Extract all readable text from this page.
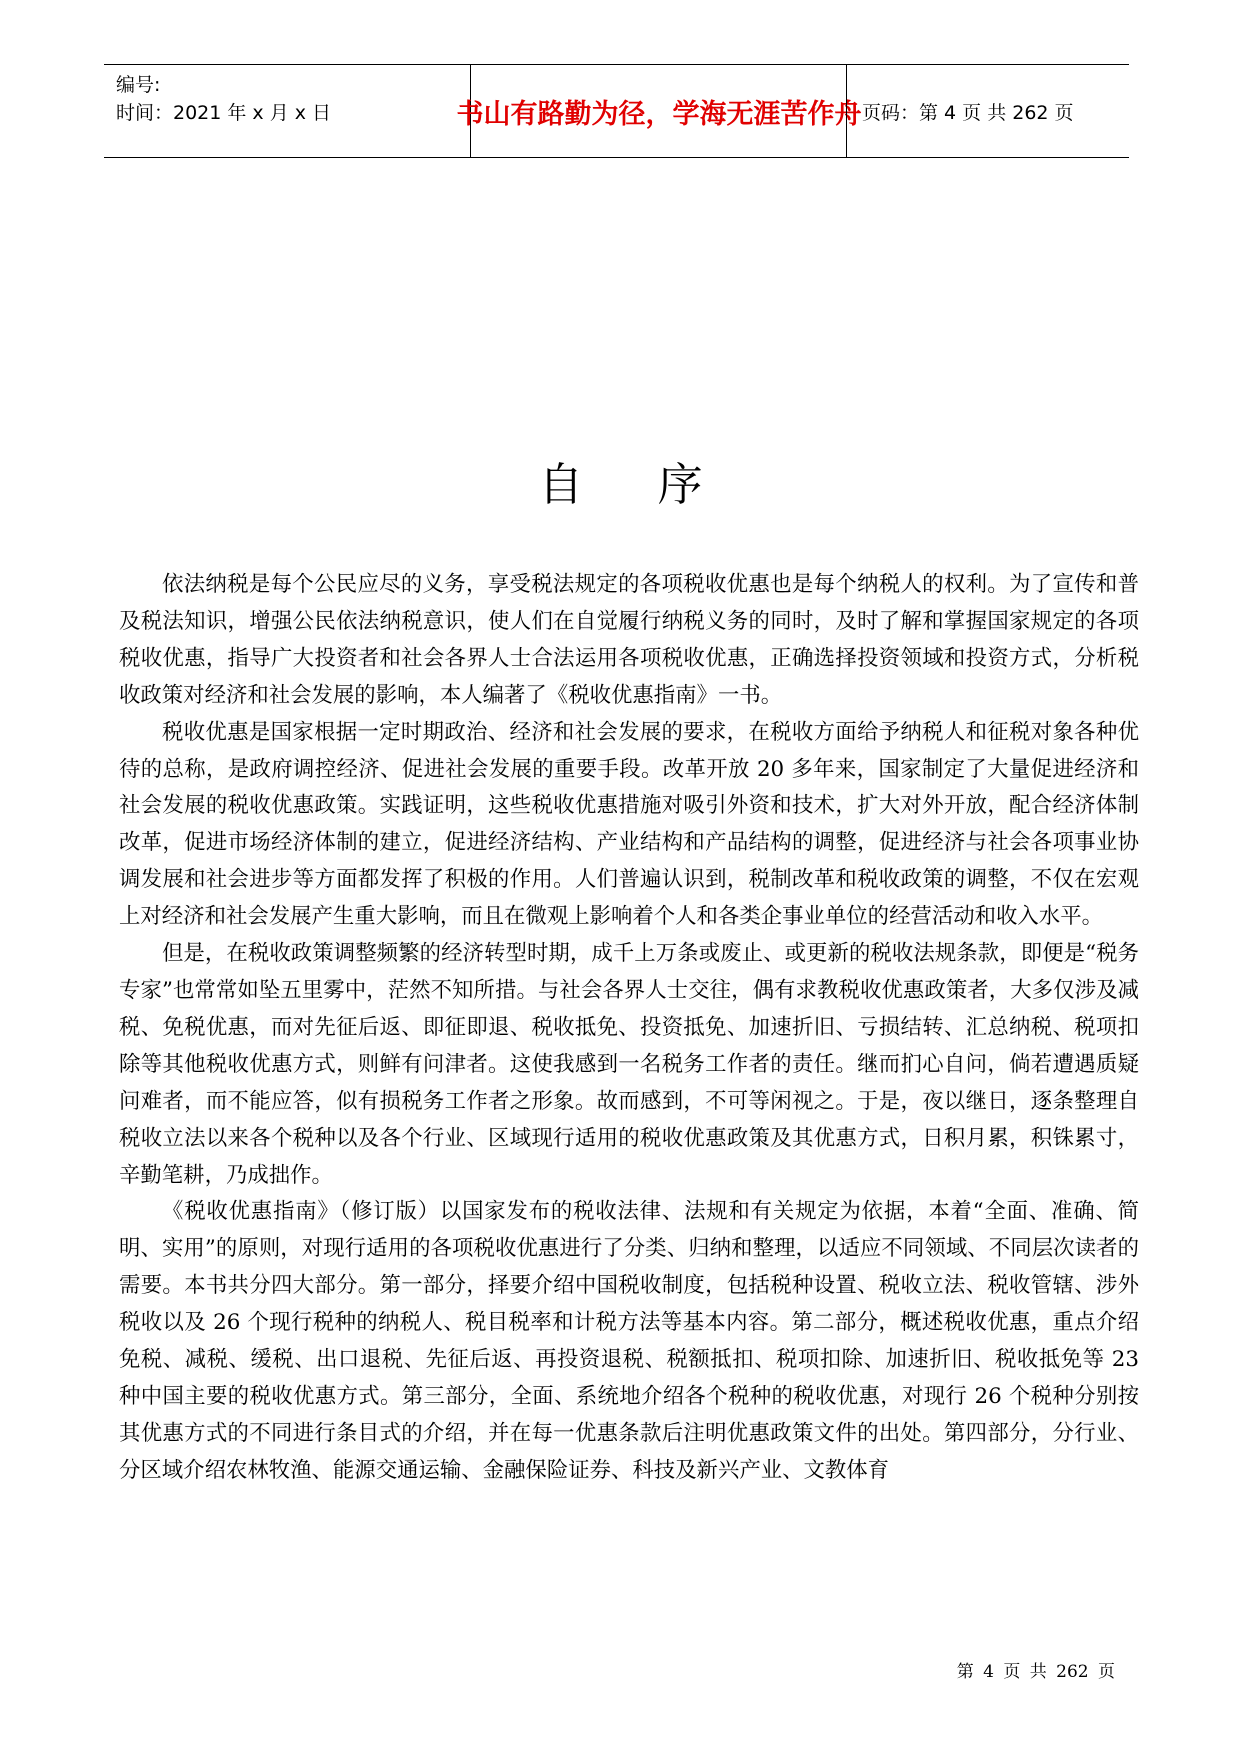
编号:
时间：2021 年 x 月 x 日	书山有路勤为径，学海无涯苦作舟 页码：第 4 页 共 262 页
自 序

依法纳税是每个公民应尽的义务，享受税法规定的各项税收优惠也是每个纳税人的权利。为了宣传和普及税法知识，增强公民依法纳税意识，使人们在自觉履行纳税义务的同时，及时了解和掌握国家规定的各项税收优惠，指导广大投资者和社会各界人士合法运用各项税收优惠，正确选择投资领域和投资方式，分析税收政策对经济和社会发展的影响，本人编著了《税收优惠指南》一书。

税收优惠是国家根据一定时期政治、经济和社会发展的要求，在税收方面给予纳税人和征税对象各种优待的总称，是政府调控经济、促进社会发展的重要手段。改革开放 20 多年来，国家制定了大量促进经济和社会发展的税收优惠政策。实践证明，这些税收优惠措施对吸引外资和技术，扩大对外开放，配合经济体制改革，促进市场经济体制的建立，促进经济结构、产业结构和产品结构的调整，促进经济与社会各项事业协调发展和社会进步等方面都发挥了积极的作用。人们普遍认识到，税制改革和税收政策的调整，不仅在宏观上对经济和社会发展产生重大影响，而且在微观上影响着个人和各类企事业单位的经营活动和收入水平。

但是，在税收政策调整频繁的经济转型时期，成千上万条或废止、或更新的税收法规条款，即便是“税务专家”也常常如坠五里雾中，茫然不知所措。与社会各界人士交往，偶有求教税收优惠政策者，大多仅涉及减税、免税优惠，而对先征后返、即征即退、税收抵免、投资抵免、加速折旧、亏损结转、汇总纳税、税项扣除等其他税收优惠方式，则鲜有问津者。这使我感到一名税务工作者的责任。继而扪心自问，倘若遭遇质疑问难者，而不能应答，似有损税务工作者之形象。故而感到，不可等闲视之。于是，夜以继日，逐条整理自税收立法以来各个税种以及各个行业、区域现行适用的税收优惠政策及其优惠方式，日积月累，积铢累寸，辛勤笔耕，乃成拙作。

《税收优惠指南》（修订版）以国家发布的税收法律、法规和有关规定为依据，本着“全面、准确、简明、实用”的原则，对现行适用的各项税收优惠进行了分类、归纳和整理，以适应不同领域、不同层次读者的需要。本书共分四大部分。第一部分，择要介绍中国税收制度，包括税种设置、税收立法、税收管辖、涉外税收以及 26 个现行税种的纳税人、税目税率和计税方法等基本内容。第二部分，概述税收优惠，重点介绍免税、减税、缓税、出口退税、先征后返、再投资退税、税额抵扣、税项扣除、加速折旧、税收抵免等 23 种中国主要的税收优惠方式。第三部分，全面、系统地介绍各个税种的税收优惠，对现行 26 个税种分别按其优惠方式的不同进行条目式的介绍，并在每一优惠条款后注明优惠政策文件的出处。第四部分，分行业、分区域介绍农林牧渔、能源交通运输、金融保险证券、科技及新兴产业、文教体育

第 4 页 共 262 页
